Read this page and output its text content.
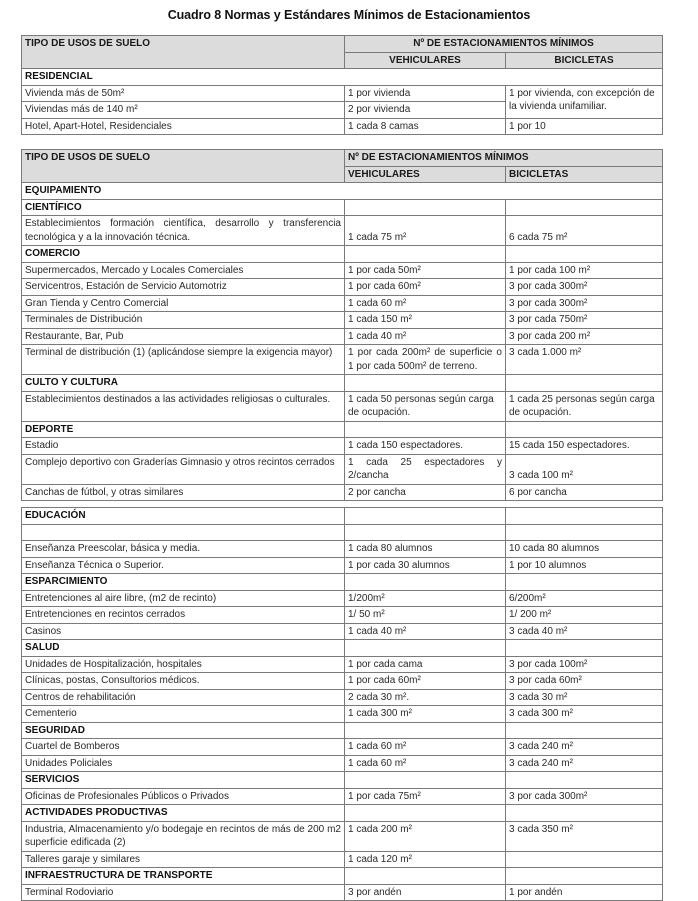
Cuadro 8 Normas y Estándares Mínimos de Estacionamientos
TIPO DE USOS DE SUELO	Nº DE ESTACIONAMIENTOS MÍNIMOS	
	VEHICULARES	BICICLETAS
RESIDENCIAL		
Vivienda más de 50m²	1 por vivienda	1 por vivienda, con excepción de la vivienda unifamiliar.
Viviendas más de 140 m²	2 por vivienda	
Hotel, Apart-Hotel, Residenciales	1 cada 8 camas	1 por 10
TIPO DE USOS DE SUELO	Nº DE ESTACIONAMIENTOS MÍNIMOS	
	VEHICULARES	BICICLETAS
EQUIPAMIENTO		
CIENTÍFICO		
Establecimientos formación científica, desarrollo y transferencia tecnológica y a la innovación técnica.	1 cada 75 m²	6 cada 75 m²
COMERCIO		
Supermercados, Mercado y Locales Comerciales	1 por cada 50m²	1 por cada 100 m²
Servicentros, Estación de Servicio Automotriz	1 por cada 60m²	3 por cada 300m²
Gran Tienda y Centro Comercial	1 cada 60 m²	3 por cada 300m²
Terminales de Distribución	1 cada 150 m²	3 por cada 750m²
Restaurante, Bar, Pub	1 cada 40 m²	3 por cada 200 m²
Terminal de distribución (1) (aplicándose siempre la exigencia mayor)	1 por cada 200m² de superficie o 1 por cada 500m² de terreno.	3 cada 1.000 m²
CULTO Y CULTURA		
Establecimientos destinados a las actividades religiosas o culturales.	1 cada 50 personas según carga de ocupación.	1 cada 25 personas según carga de ocupación.
DEPORTE		
Estadio	1 cada 150 espectadores.	15 cada 150 espectadores.
Complejo deportivo con Graderías Gimnasio y otros recintos cerrados	1 cada 25 espectadores y 2/cancha	3 cada 100 m²
Canchas de fútbol, y otras similares	2 por cancha	6 por cancha
EDUCACIÓN		

Enseñanza Preescolar, básica y media.	1 cada 80 alumnos	10 cada 80 alumnos
Enseñanza Técnica o Superior.	1 por cada 30 alumnos	1 por 10 alumnos
ESPARCIMIENTO		
Entretenciones al aire libre, (m2 de recinto)	1/200m²	6/200m²
Entretenciones en recintos cerrados	1/ 50 m²	1/ 200 m²
Casinos	1 cada 40 m²	3 cada 40 m²
SALUD		
Unidades de Hospitalización, hospitales	1 por cada cama	3 por cada 100m²
Clínicas, postas, Consultorios médicos.	1 por cada 60m²	3 por cada 60m²
Centros de rehabilitación	2 cada 30 m².	3 cada 30 m²
Cementerio	1 cada 300 m²	3 cada 300 m²
SEGURIDAD		
Cuartel de Bomberos	1 cada 60 m²	3 cada 240 m²
Unidades Policiales	1 cada 60 m²	3 cada 240 m²
SERVICIOS		
Oficinas de Profesionales Públicos o Privados	1 por cada 75m²	3 por cada 300m²
ACTIVIDADES PRODUCTIVAS		
Industria, Almacenamiento y/o bodegaje en recintos de más de 200 m2 superficie edificada (2)	1 cada 200 m²	3 cada 350 m²
Talleres garaje y similares	1 cada 120 m²	
INFRAESTRUCTURA DE TRANSPORTE		
Terminal Rodoviario	3 por andén	1 por andén
